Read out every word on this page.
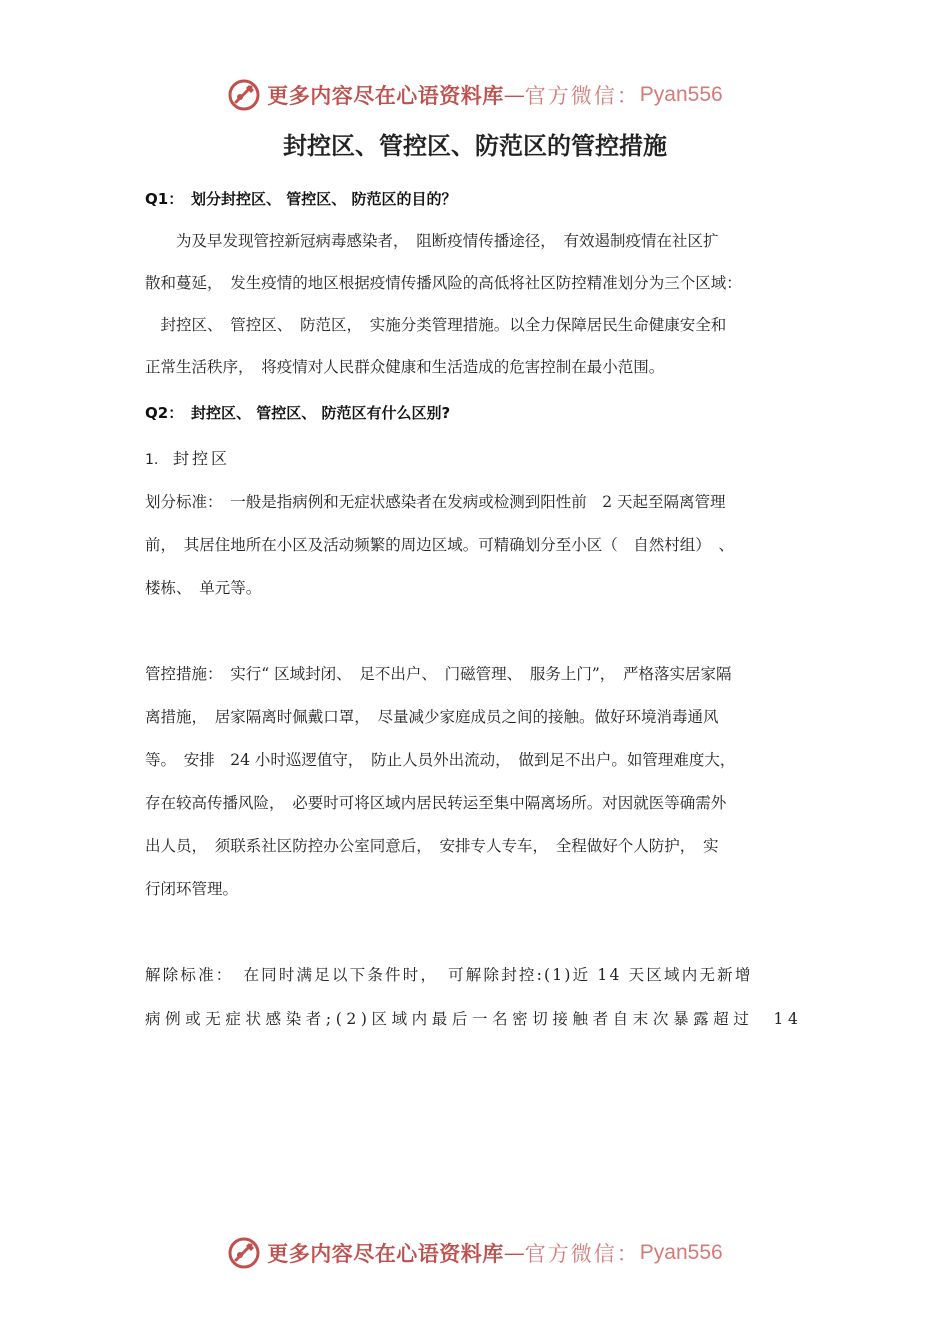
更多内容尽在心语资料库 — 官方微信： Pyan556
封控区、管控区、防范区的管控措施
Q1： 划分封控区、 管控区、 防范区的目的？
　　为及早发现管控新冠病毒感染者，　阻断疫情传播途径，　有效遏制疫情在社区扩
散和蔓延，　发生疫情的地区根据疫情传播风险的高低将社区防控精准划分为三个区域：
　封控区、　管控区、　防范区，　实施分类管理措施。以全力保障居民生命健康安全和
正常生活秩序，　将疫情对人民群众健康和生活造成的危害控制在最小范围。
Q2： 封控区、 管控区、 防范区有什么区别?
1. 封控区
划分标准：　一般是指病例和无症状感染者在发病或检测到阳性前　2 天起至隔离管理
前，　其居住地所在小区及活动频繁的周边区域。可精确划分至小区（　自然村组）　、
楼栋、　单元等。
管控措施：　实行“ 区域封闭、　足不出户、　门磁管理、　服务上门”，　严格落实居家隔
离措施，　居家隔离时佩戴口罩，　尽量减少家庭成员之间的接触。做好环境消毒通风
等。　安排　24 小时巡逻值守，　防止人员外出流动，　做到足不出户。如管理难度大，
存在较高传播风险，　必要时可将区域内居民转运至集中隔离场所。对因就医等确需外
出人员，　须联系社区防控办公室同意后，　安排专人专车，　全程做好个人防护，　实
行闭环管理。
解除标准：　在同时满足以下条件时，　可解除封控:(1)近 14 天区域内无新增
病例或无症状感染者;(2)区域内最后一名密切接触者自末次暴露超过　14
更多内容尽在心语资料库 — 官方微信： Pyan556
